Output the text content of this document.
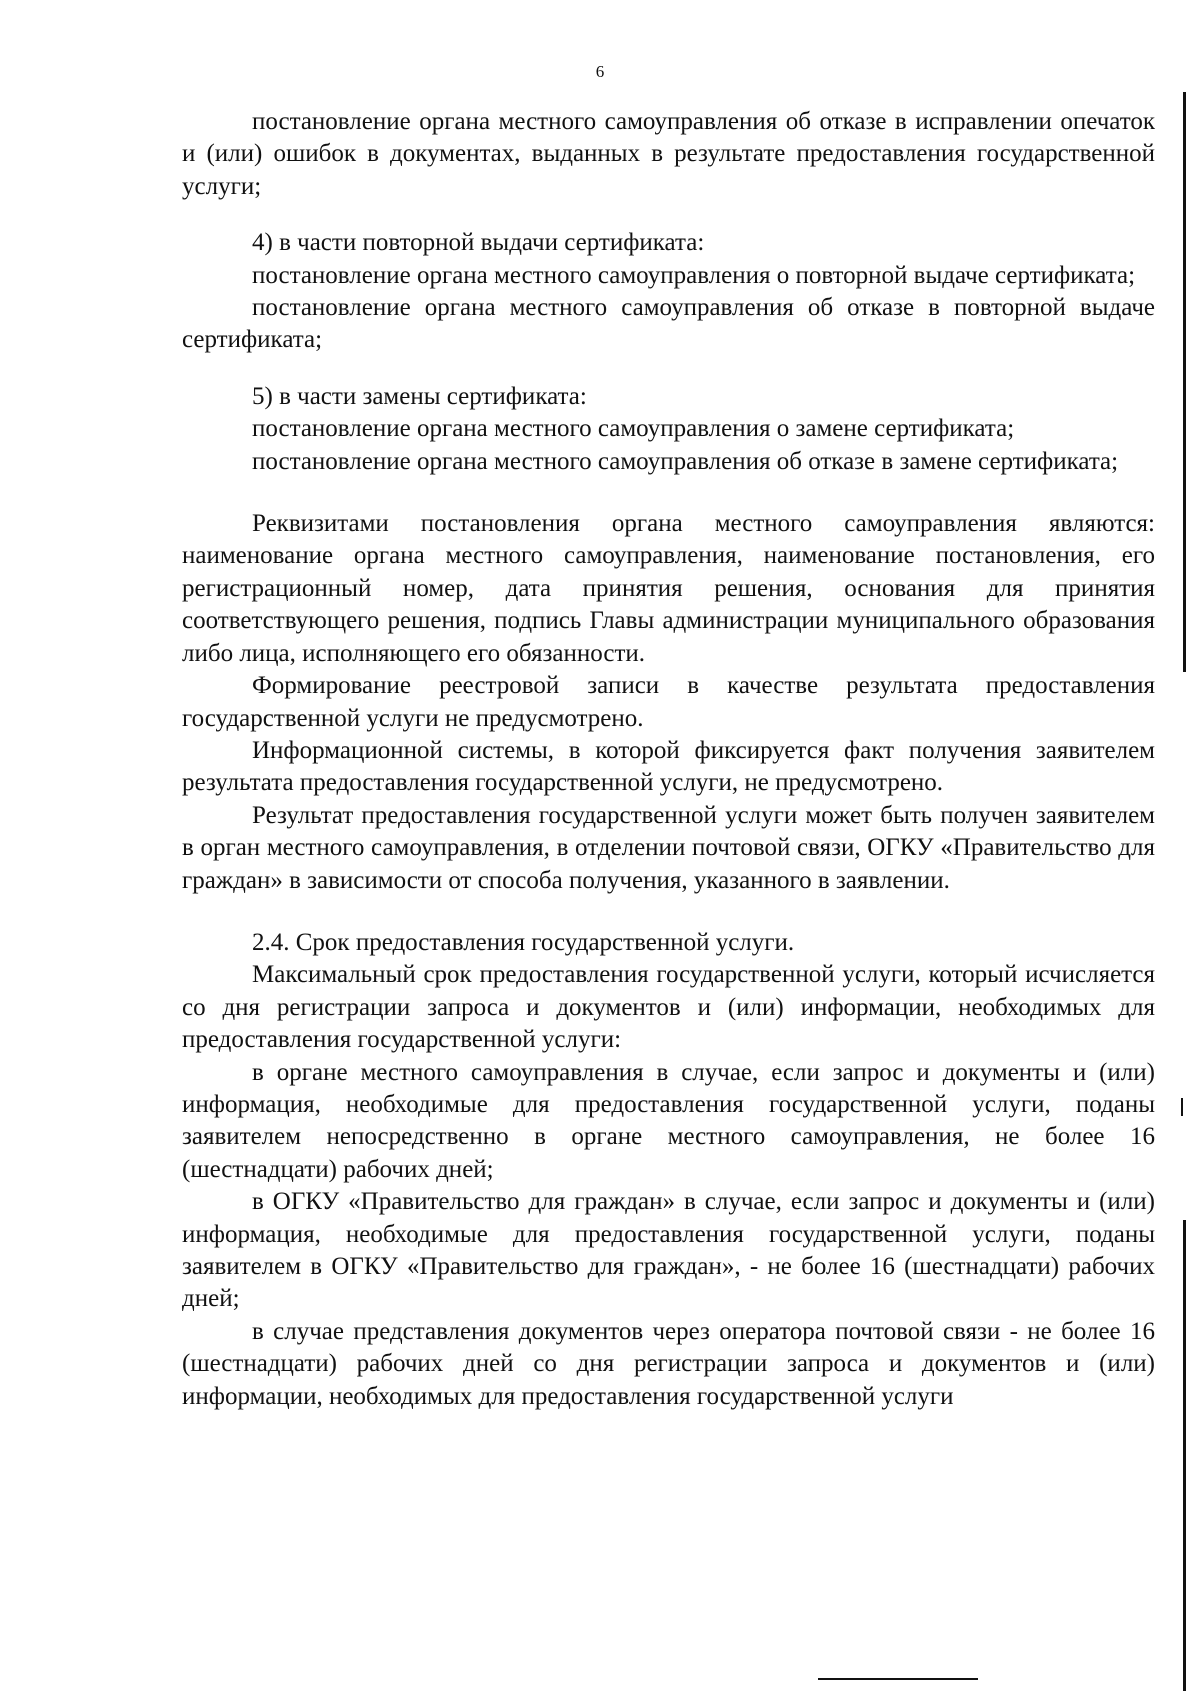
6

постановление органа местного самоуправления об отказе в исправлении опечаток и (или) ошибок в документах, выданных в результате предоставления государственной услуги;

4) в части повторной выдачи сертификата:

постановление органа местного самоуправления о повторной выдаче сертификата;

постановление органа местного самоуправления об отказе в повторной выдаче сертификата;

5) в части замены сертификата:

постановление органа местного самоуправления о замене сертификата;

постановление органа местного самоуправления об отказе в замене сертификата;

Реквизитами постановления органа местного самоуправления являются: наименование органа местного самоуправления, наименование постановления, его регистрационный номер, дата принятия решения, основания для принятия соответствующего решения, подпись Главы администрации муниципального образования либо лица, исполняющего его обязанности.

Формирование реестровой записи в качестве результата предоставления государственной услуги не предусмотрено.

Информационной системы, в которой фиксируется факт получения заявителем результата предоставления государственной услуги, не предусмотрено.

Результат предоставления государственной услуги может быть получен заявителем в орган местного самоуправления, в отделении почтовой связи, ОГКУ «Правительство для граждан» в зависимости от способа получения, указанного в заявлении.

2.4. Срок предоставления государственной услуги.

Максимальный срок предоставления государственной услуги, который исчисляется со дня регистрации запроса и документов и (или) информации, необходимых для предоставления государственной услуги:

в органе местного самоуправления в случае, если запрос и документы и (или) информация, необходимые для предоставления государственной услуги, поданы заявителем непосредственно в органе местного самоуправления, не более 16 (шестнадцати) рабочих дней;

в ОГКУ «Правительство для граждан» в случае, если запрос и документы и (или) информация, необходимые для предоставления государственной услуги, поданы заявителем в ОГКУ «Правительство для граждан», - не более 16 (шестнадцати) рабочих дней;

в случае представления документов через оператора почтовой связи - не более 16 (шестнадцати) рабочих дней со дня регистрации запроса и документов и (или) информации, необходимых для предоставления государственной услуги
